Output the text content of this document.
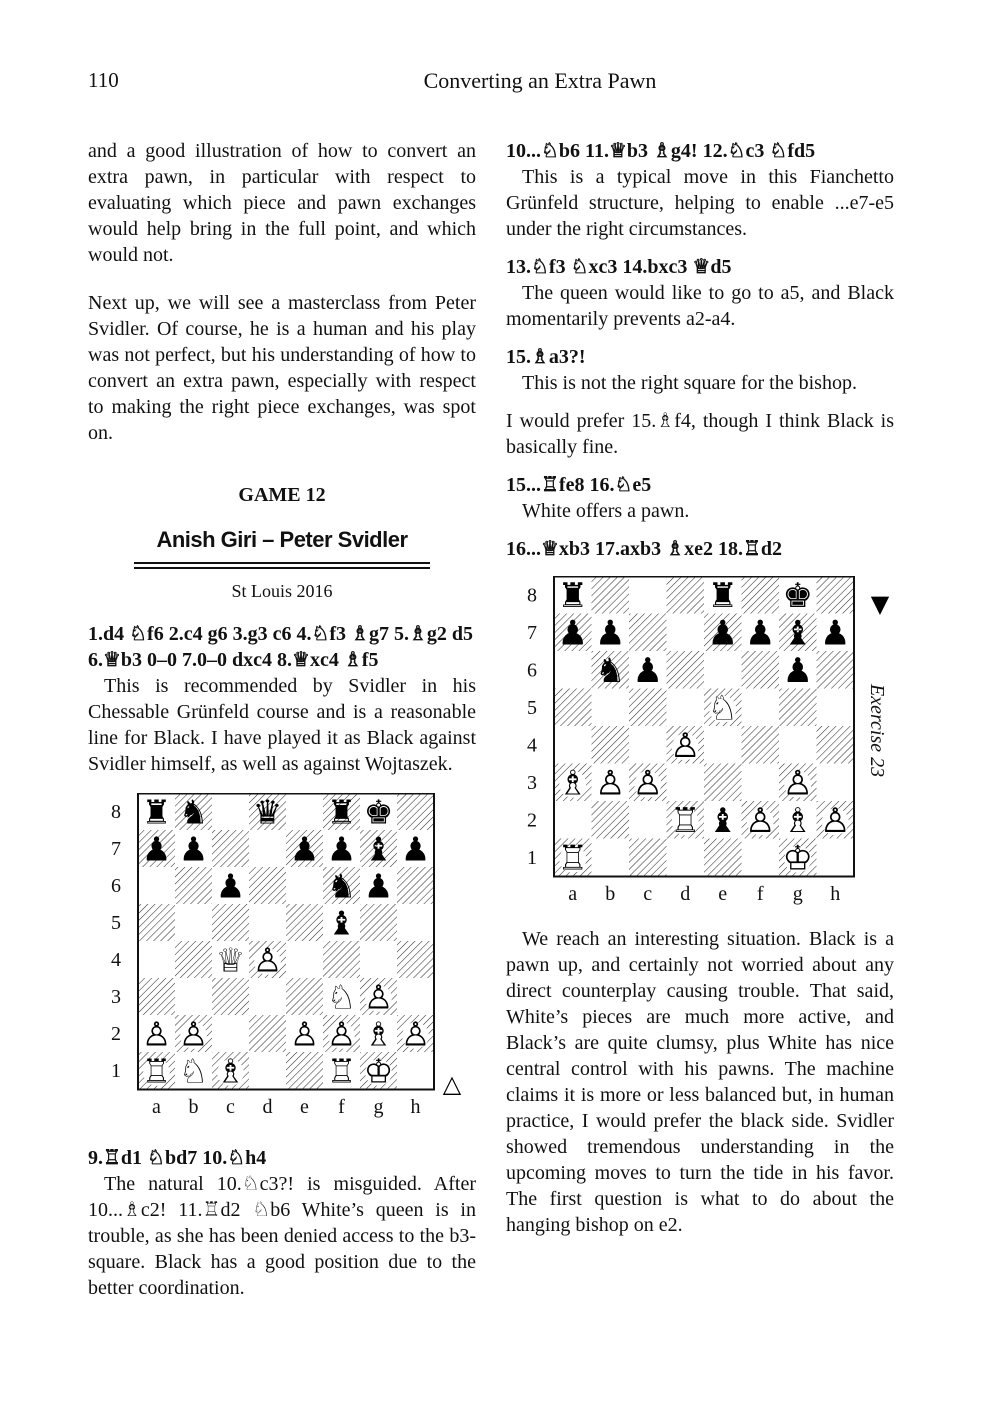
110	Converting an Extra Pawn

and a good illustration of how to convert an extra pawn, in particular with respect to evaluating which piece and pawn exchanges would help bring in the full point, and which would not.

Next up, we will see a masterclass from Peter Svidler. Of course, he is a human and his play was not perfect, but his understanding of how to convert an extra pawn, especially with respect to making the right piece exchanges, was spot on.

GAME 12
Anish Giri – Peter Svidler
St Louis 2016

1.d4 ♘f6 2.c4 g6 3.g3 c6 4.♘f3 ♗g7 5.♗g2 d5 6.♕b3 0–0 7.0–0 dxc4 8.♕xc4 ♗f5

This is recommended by Svidler in his Chessable Grünfeld course and is a reasonable line for Black. I have played it as Black against Svidler himself, as well as against Wojtaszek.

8
7
6
5
4
3
2
1
a b c d e f g h
♜ ♞ ♛ ♜ ♚
♟ ♟ ♟ ♟ ♝ ♟
♟ ♞ ♟
♝
♕ ♙
♘ ♙
♙ ♙ ♙ ♙ ♗ ♙
♖ ♘ ♗ ♖ ♔ △

9.♖d1 ♘bd7 10.♘h4

The natural 10.♘c3?! is misguided. After 10...♗c2! 11.♖d2 ♘b6 White’s queen is in trouble, as she has been denied access to the b3-square. Black has a good position due to the better coordination.

10...♘b6 11.♕b3 ♗g4! 12.♘c3 ♘fd5

This is a typical move in this Fianchetto Grünfeld structure, helping to enable ...e7-e5 under the right circumstances.

13.♘f3 ♘xc3 14.bxc3 ♕d5

The queen would like to go to a5, and Black momentarily prevents a2-a4.

15.♗a3?!

This is not the right square for the bishop.

I would prefer 15.♗f4, though I think Black is basically fine.

15...♖fe8 16.♘e5

White offers a pawn.

16...♕xb3 17.axb3 ♗xe2 18.♖d2

8
7
6
5
4
3
2
1
a b c d e f g h
♜	♜ ♚
♟ ♟ ♟ ♟ ♝ ♟
♞ ♟	♟
♘
♙
♗ ♙ ♙	♙
♖ ♝ ♙ ♗ ♙
♖	♔
▼
Exercise 23

We reach an interesting situation. Black is a pawn up, and certainly not worried about any direct counterplay causing trouble. That said, White’s pieces are much more active, and Black’s are quite clumsy, plus White has nice central control with his pawns. The machine claims it is more or less balanced but, in human practice, I would prefer the black side. Svidler showed tremendous understanding in the upcoming moves to turn the tide in his favor. The first question is what to do about the hanging bishop on e2.
